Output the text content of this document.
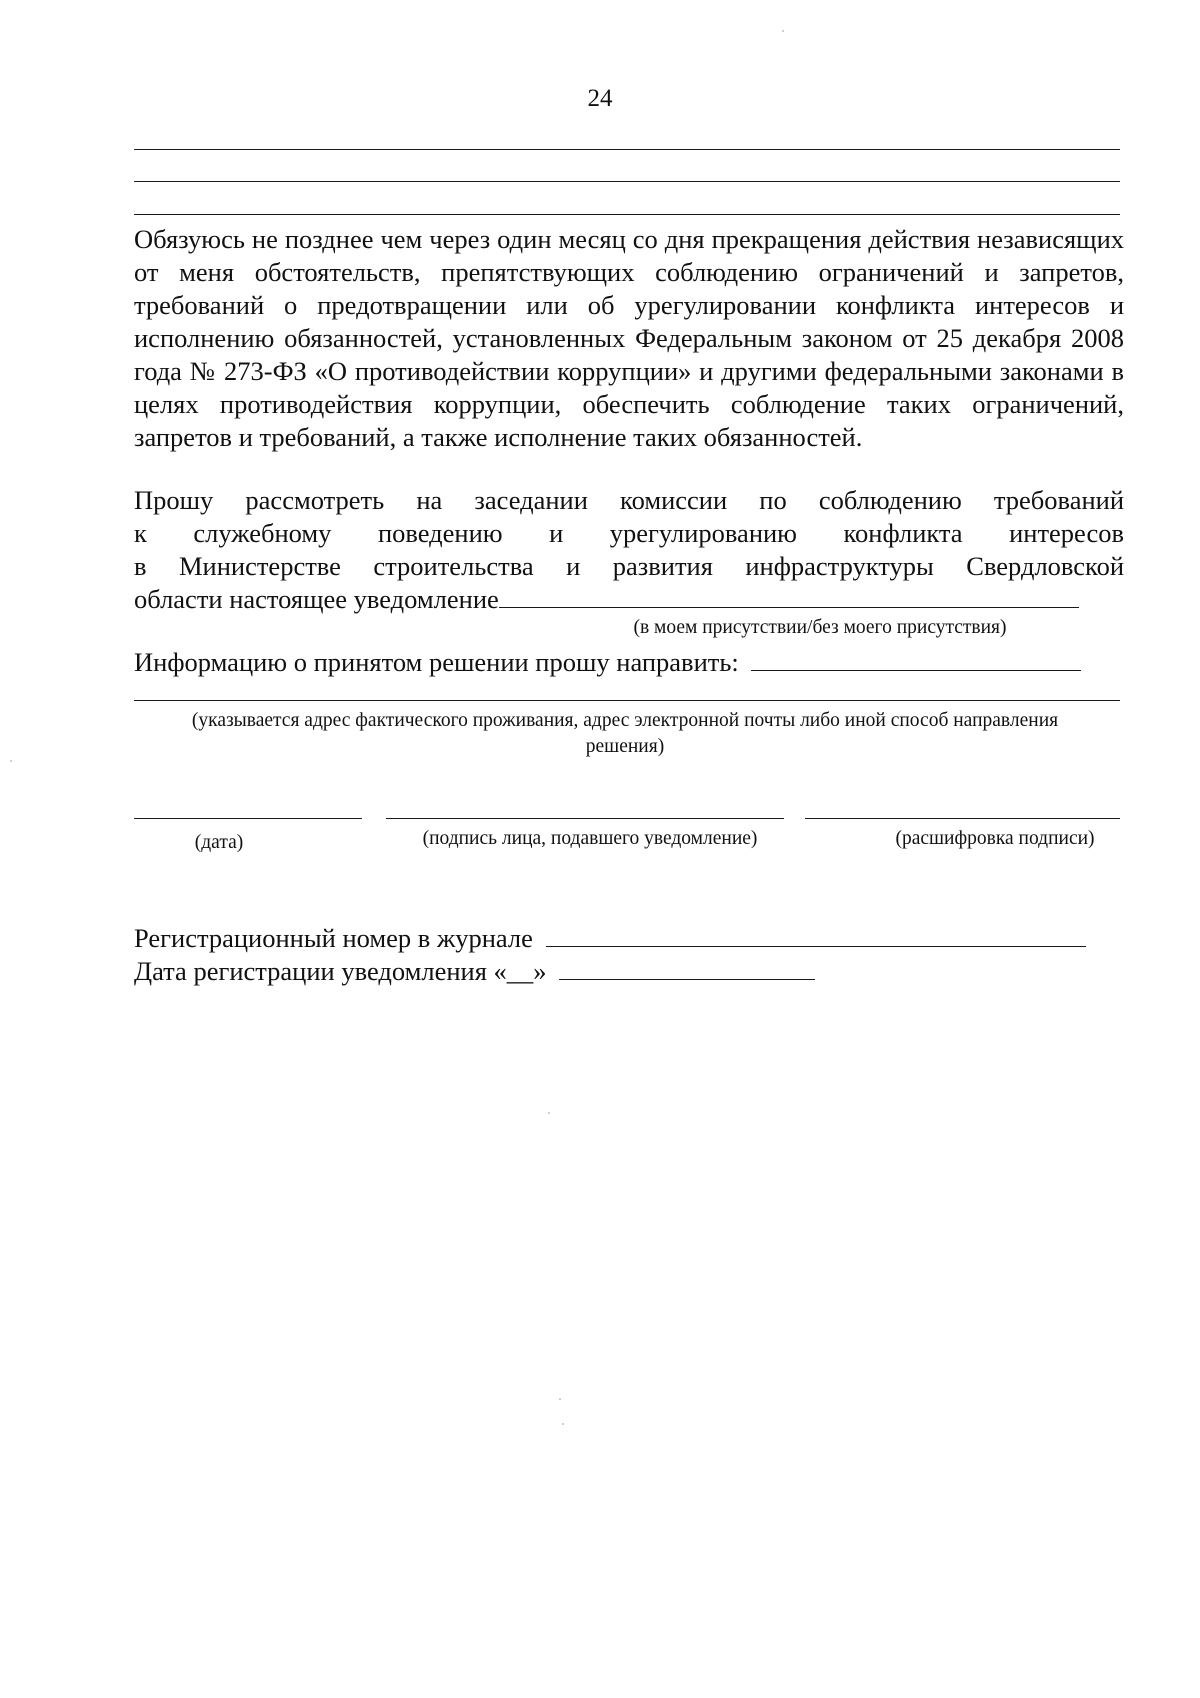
24

Обязуюсь не позднее чем через один месяц со дня прекращения действия независящих от меня обстоятельств, препятствующих соблюдению ограничений и запретов, требований о предотвращении или об урегулировании конфликта интересов и исполнению обязанностей, установленных Федеральным законом от 25 декабря 2008 года № 273-ФЗ «О противодействии коррупции» и другими федеральными законами в целях противодействия коррупции, обеспечить соблюдение таких ограничений, запретов и требований, а также исполнение таких обязанностей.

Прошу рассмотреть на заседании комиссии по соблюдению требований
к служебному поведению и урегулированию конфликта интересов
в Министерстве строительства и развития инфраструктуры Свердловской
области настоящее уведомление
(в моем присутствии/без моего присутствия)
Информацию о принятом решении прошу направить:
(указывается адрес фактического проживания, адрес электронной почты либо иной способ направления решения)
(дата)	(подпись лица, подавшего уведомление)	(расшифровка подписи)
Регистрационный номер в журнале
Дата регистрации уведомления «__»
